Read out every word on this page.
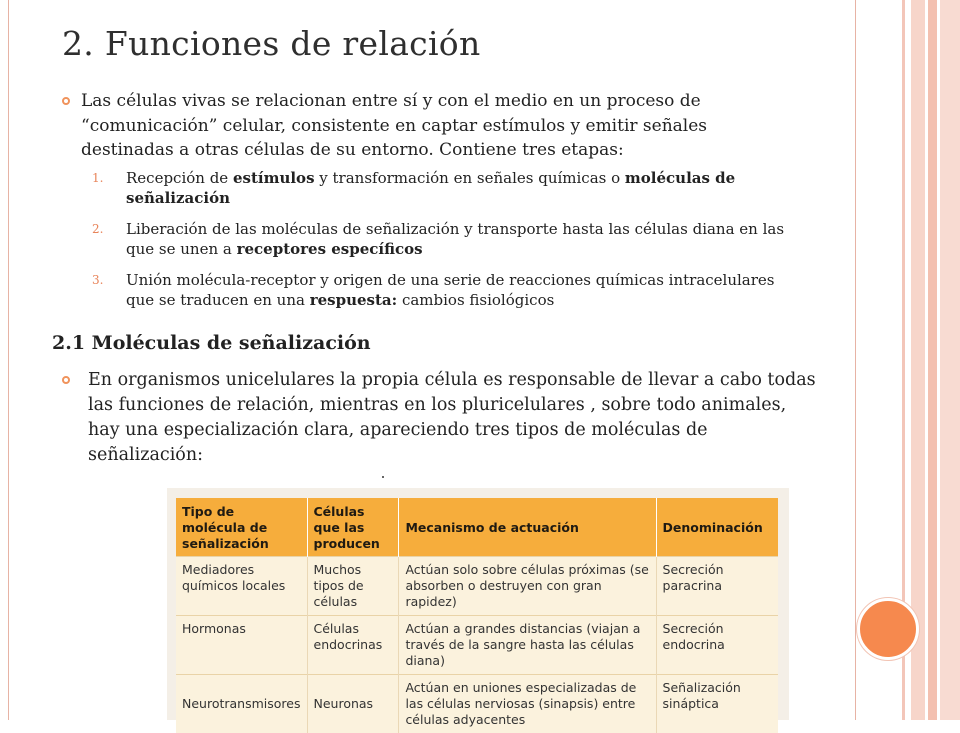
2. Funciones de relación

Las células vivas se relacionan entre sí y con el medio en un proceso de “comunicación” celular, consistente en captar estímulos y emitir señales destinadas a otras células de su entorno. Contiene tres etapas:

1. Recepción de estímulos y transformación en señales químicas o moléculas de señalización
2. Liberación de las moléculas de señalización y transporte hasta las células diana en las que se unen a receptores específicos
3. Unión molécula-receptor y origen de una serie de reacciones químicas intracelulares que se traducen en una respuesta: cambios fisiológicos
2.1 Moléculas de señalización

En organismos unicelulares la propia célula es responsable de llevar a cabo todas las funciones de relación, mientras en los pluricelulares , sobre todo animales, hay una especialización clara, apareciendo tres tipos de moléculas de señalización:

Tipo de molécula de señalización	Células que las producen	Mecanismo de actuación	Denominación
Mediadores químicos locales	Muchos tipos de células	Actúan solo sobre células próximas (se absorben o destruyen con gran rapidez)	Secreción paracrina
Hormonas	Células endocrinas	Actúan a grandes distancias (viajan a través de la sangre hasta las células diana)	Secreción endocrina
Neurotransmisores	Neuronas	Actúan en uniones especializadas de las células nerviosas (sinapsis) entre células adyacentes	Señalización sináptica
